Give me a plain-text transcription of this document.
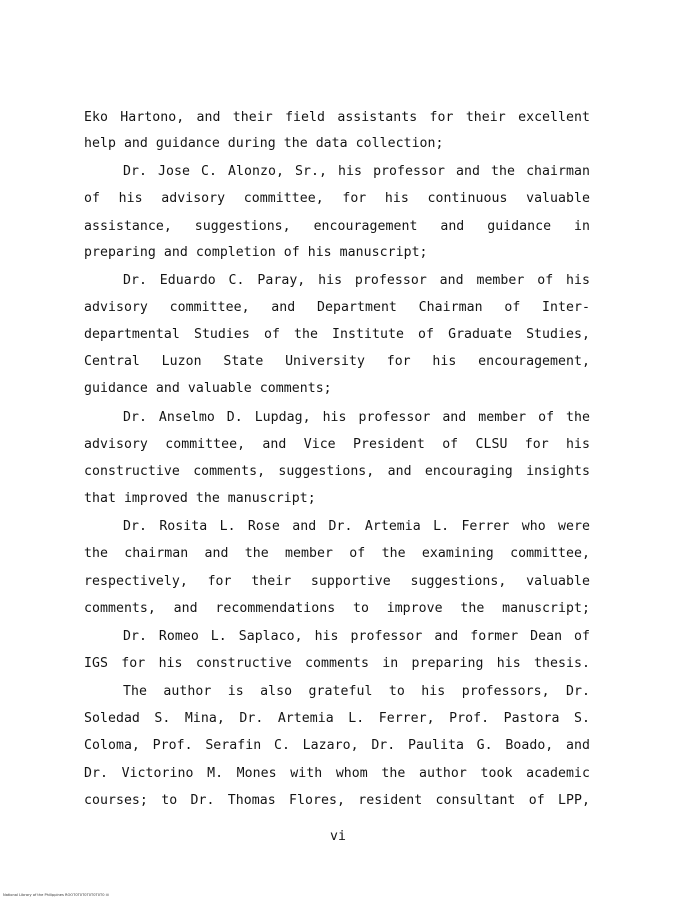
Eko Hartono, and their field assistants for their excellent
help and guidance during the data collection;
Dr. Jose C. Alonzo, Sr., his professor and the chairman
of his advisory committee, for his continuous valuable
assistance, suggestions, encouragement and guidance in
preparing and completion of his manuscript;
Dr. Eduardo C. Paray, his professor and member of his
advisory committee, and Department Chairman of Inter-
departmental Studies of the Institute of Graduate Studies,
Central Luzon State University for his encouragement,
guidance and valuable comments;
Dr. Anselmo D. Lupdag, his professor and member of the
advisory committee, and Vice President of CLSU for his
constructive comments, suggestions, and encouraging insights
that improved the manuscript;
Dr. Rosita L. Rose and Dr. Artemia L. Ferrer who were
the chairman and the member of the examining committee,
respectively, for their supportive suggestions, valuable
comments, and recommendations to improve the manuscript;
Dr. Romeo L. Saplaco, his professor and former Dean of
IGS for his constructive comments in preparing his thesis.
The author is also grateful to his professors, Dr.
Soledad S. Mina, Dr. Artemia L. Ferrer, Prof. Pastora S.
Coloma, Prof. Serafin C. Lazaro, Dr. Paulita G. Boado, and
Dr. Victorino M. Mones with whom the author took academic
courses; to Dr. Thomas Flores, resident consultant of LPP,
vi
National Library of the Philippines ROOT0T0T0T0T0T0T0 iii
